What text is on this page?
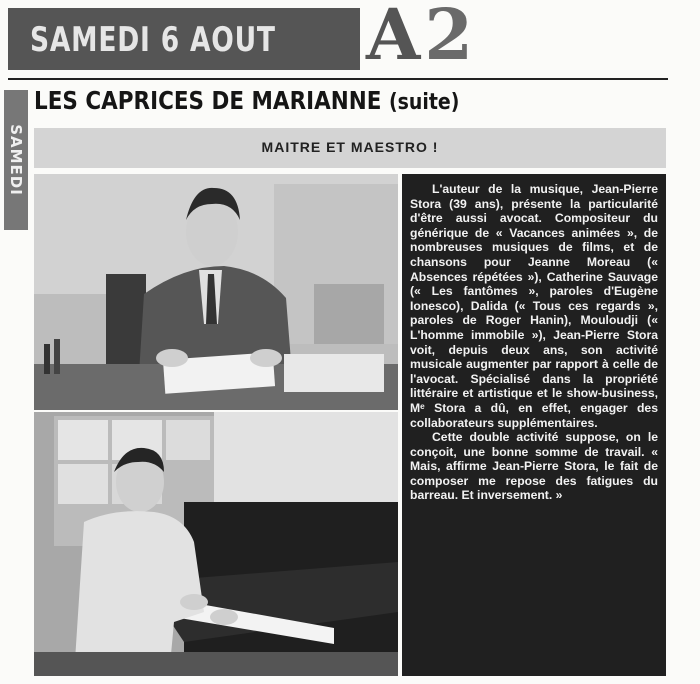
SAMEDI 6 AOUT A2
SAMEDI
LES CAPRICES DE MARIANNE (suite)
MAITRE ET MAESTRO !

L'auteur de la musique, Jean-Pierre Stora (39 ans), présente la particularité d'être aussi avocat. Compositeur du générique de « Vacances animées », de nombreuses musiques de films, et de chansons pour Jeanne Moreau (« Absences répétées »), Catherine Sauvage (« Les fantômes », paroles d'Eugène Ionesco), Dalida (« Tous ces regards », paroles de Roger Hanin), Mouloudji (« L'homme immobile »), Jean-Pierre Stora voit, depuis deux ans, son activité musicale augmenter par rapport à celle de l'avocat. Spécialisé dans la propriété littéraire et artistique et le show-business, Mᵉ Stora a dû, en effet, engager des collaborateurs supplémentaires.

Cette double activité suppose, on le conçoit, une bonne somme de travail. « Mais, affirme Jean-Pierre Stora, le fait de composer me repose des fatigues du barreau. Et inversement. »
